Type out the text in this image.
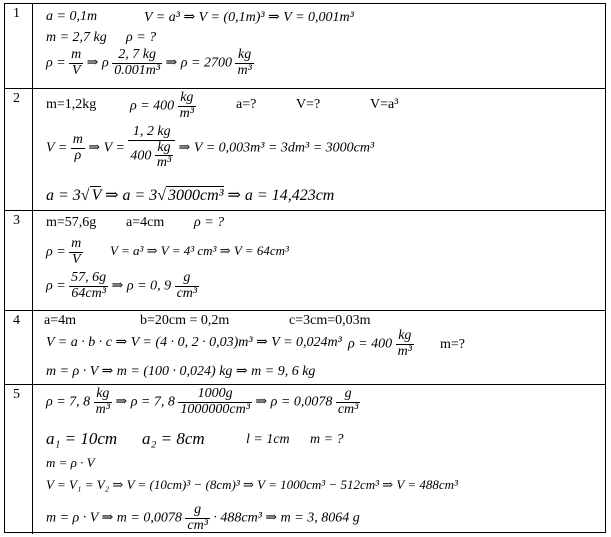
1 a = 0,1m	V = a³ ⇒ V = (0,1m)³ ⇒ V = 0,001m³
m = 2,7 kg ρ = ?
$\rho = \frac{m}{V}$ ⇒ ρ $\frac{2, 7 kg}{\text{0.001m³}}$ ⇒ $\rho = 2700 \frac{kg}{\text{m³}}$
2 m=1,2kg $\rho = 400 \frac{kg}{\text{m³}}$	a=?	V=?	V=a³
$V = \frac{m}{\rho}$ ⇒ $V = \frac{1, 2 kg}{400 \frac{kg}{\text{m³}}}$ ⇒ V = 0,003m³ = 3dm³ = 3000cm³
a = 3√ V ⇒ a = 3√ 3000cm³ ⇒ a = 14,423cm
3 m=57,6g a=4cm ρ = ?
$\rho = \frac{m}{V}$ V = a³ ⇒ V = 4³ cm³ ⇒ V = 64cm³
$\rho = \frac{57, 6g}{\text{64cm³}}$ ⇒ ρ = 0, $9 \frac{g}{\text{cm³}}$
4 a=4m	b=20cm = 0,2m	c=3cm=0,03m
V = a · b · c ⇒ V = (4 · 0, 2 · 0,03)m³ ⇒ V = 0,024m³ $\rho = 400 \frac{kg}{\text{m³}} m=$?
m = ρ · V ⇒ m = (100 · 0,024) kg ⇒ m = 9, 6 kg
5 ρ = 7, $8 \frac{kg}{\text{m³}}$ ⇒ ρ = 7, $8 \frac{1000g}{\text{1000000cm³}}$ ⇒ $\rho = 0,0078 \frac{g}{\text{cm³}}$
a₁ = 10cm a₂ = 8cm	l = 1cm m = ?
m = ρ · V
V = V₁ = V₂ ⇒ V = (10cm)³ − (8cm)³ ⇒ V = 1000cm³ − 512cm³ ⇒ V = 488cm³
m = ρ · V ⇒ $m = 0,0078 \frac{g}{\text{cm³}} \cdot 488cm^3$ ⇒ m = 3, 8064 g
